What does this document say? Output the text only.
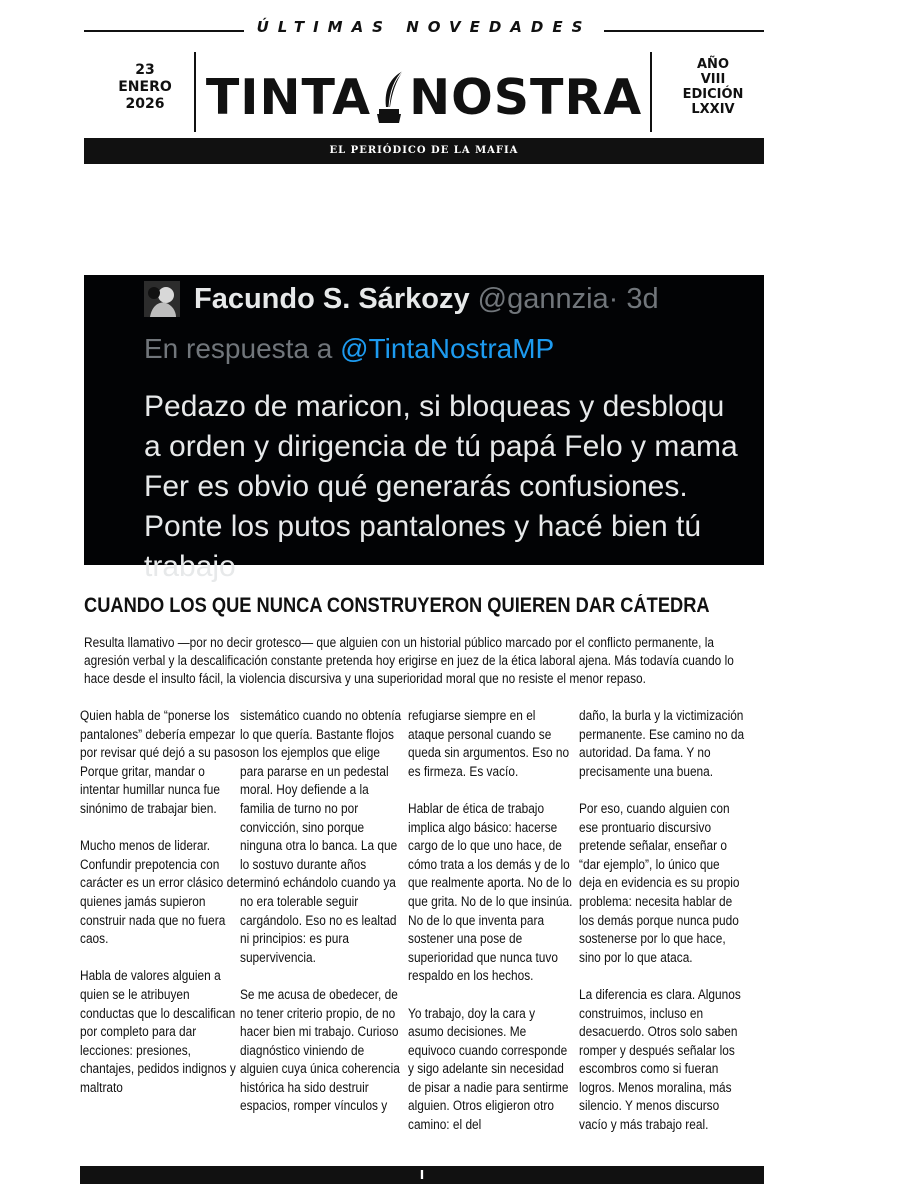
ÚLTIMAS NOVEDADES
23
ENERO
2026 TINTA NOSTRA
AÑO
VIII
EDICIÓN
LXXIV
EL PERIÓDICO DE LA MAFIA
Facundo S. Sárkozy @gannzia· 3d
En respuesta a @TintaNostraMP
Pedazo de maricon, si bloqueas y desbloqu
a orden y dirigencia de tú papá Felo y mama
Fer es obvio qué generarás confusiones.
Ponte los putos pantalones y hacé bien tú
trabajo
CUANDO LOS QUE NUNCA CONSTRUYERON QUIEREN DAR CÁTEDRA
Resulta llamativo —por no decir grotesco— que alguien con un historial público marcado por el conflicto permanente, la agresión verbal y la descalificación constante pretenda hoy erigirse en juez de la ética laboral ajena. Más todavía cuando lo hace desde el insulto fácil, la violencia discursiva y una superioridad moral que no resiste el menor repaso.

Quien habla de “ponerse los pantalones” debería empezar por revisar qué dejó a su paso. Porque gritar, mandar o intentar humillar nunca fue sinónimo de trabajar bien.

Mucho menos de liderar. Confundir prepotencia con carácter es un error clásico de quienes jamás supieron construir nada que no fuera caos.

Habla de valores alguien a quien se le atribuyen conductas que lo descalifican por completo para dar lecciones: presiones, chantajes, pedidos indignos y maltrato

sistemático cuando no obtenía lo que quería. Bastante flojos son los ejemplos que elige para pararse en un pedestal moral. Hoy defiende a la familia de turno no por convicción, sino porque ninguna otra lo banca. La que lo sostuvo durante años terminó echándolo cuando ya no era tolerable seguir cargándolo. Eso no es lealtad ni principios: es pura supervivencia.

Se me acusa de obedecer, de no tener criterio propio, de no hacer bien mi trabajo. Curioso diagnóstico viniendo de alguien cuya única coherencia histórica ha sido destruir espacios, romper vínculos y

refugiarse siempre en el ataque personal cuando se queda sin argumentos. Eso no es firmeza. Es vacío.

Hablar de ética de trabajo implica algo básico: hacerse cargo de lo que uno hace, de cómo trata a los demás y de lo que realmente aporta. No de lo que grita. No de lo que insinúa. No de lo que inventa para sostener una pose de superioridad que nunca tuvo respaldo en los hechos.

Yo trabajo, doy la cara y asumo decisiones. Me equivoco cuando corresponde y sigo adelante sin necesidad de pisar a nadie para sentirme alguien. Otros eligieron otro camino: el del

daño, la burla y la victimización permanente. Ese camino no da autoridad. Da fama. Y no precisamente una buena.

Por eso, cuando alguien con ese prontuario discursivo pretende señalar, enseñar o “dar ejemplo”, lo único que deja en evidencia es su propio problema: necesita hablar de los demás porque nunca pudo sostenerse por lo que hace, sino por lo que ataca.

La diferencia es clara. Algunos construimos, incluso en desacuerdo. Otros solo saben romper y después señalar los escombros como si fueran logros. Menos moralina, más silencio. Y menos discurso vacío y más trabajo real.

I
